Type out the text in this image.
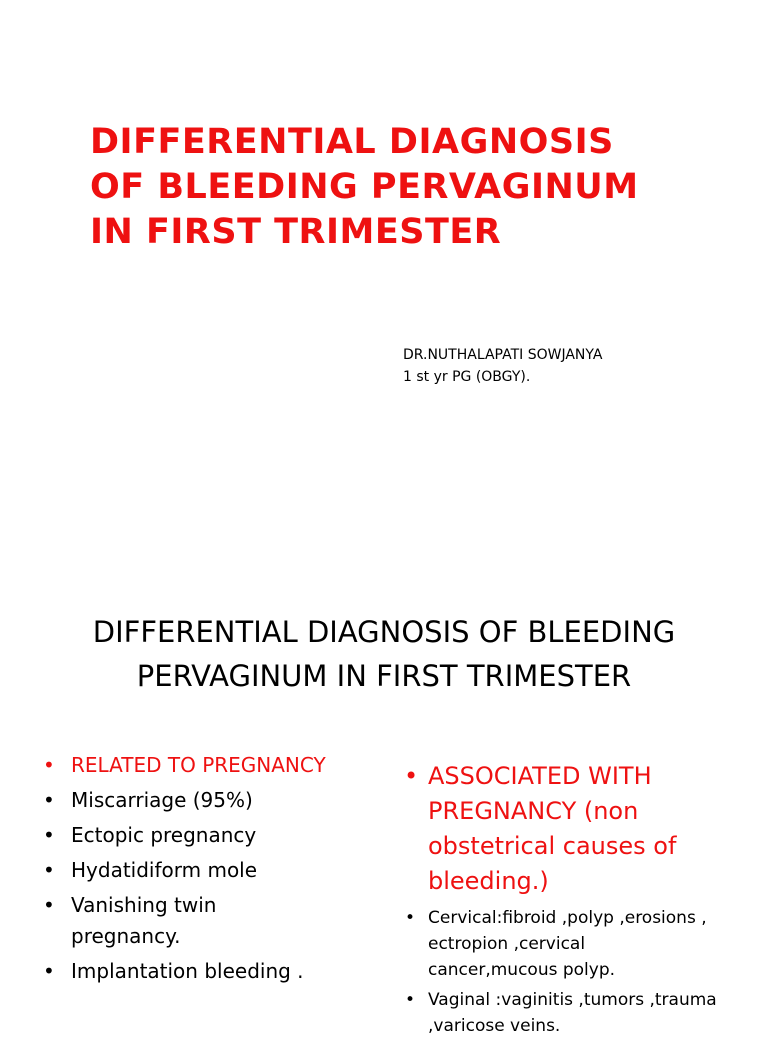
DIFFERENTIAL DIAGNOSIS
OF BLEEDING PERVAGINUM
IN FIRST TRIMESTER
DR.NUTHALAPATI SOWJANYA
1 st yr PG (OBGY).
DIFFERENTIAL DIAGNOSIS OF BLEEDING
PERVAGINUM IN FIRST TRIMESTER
• RELATED TO PREGNANCY
• Miscarriage (95%)
• Ectopic pregnancy
• Hydatidiform mole
• Vanishing twin
pregnancy.
• Implantation bleeding .
• ASSOCIATED WITH
PREGNANCY (non
obstetrical causes of
bleeding.)
• Cervical:fibroid ,polyp ,erosions ,
ectropion ,cervical
cancer,mucous polyp.
• Vaginal :vaginitis ,tumors ,trauma
,varicose veins.
